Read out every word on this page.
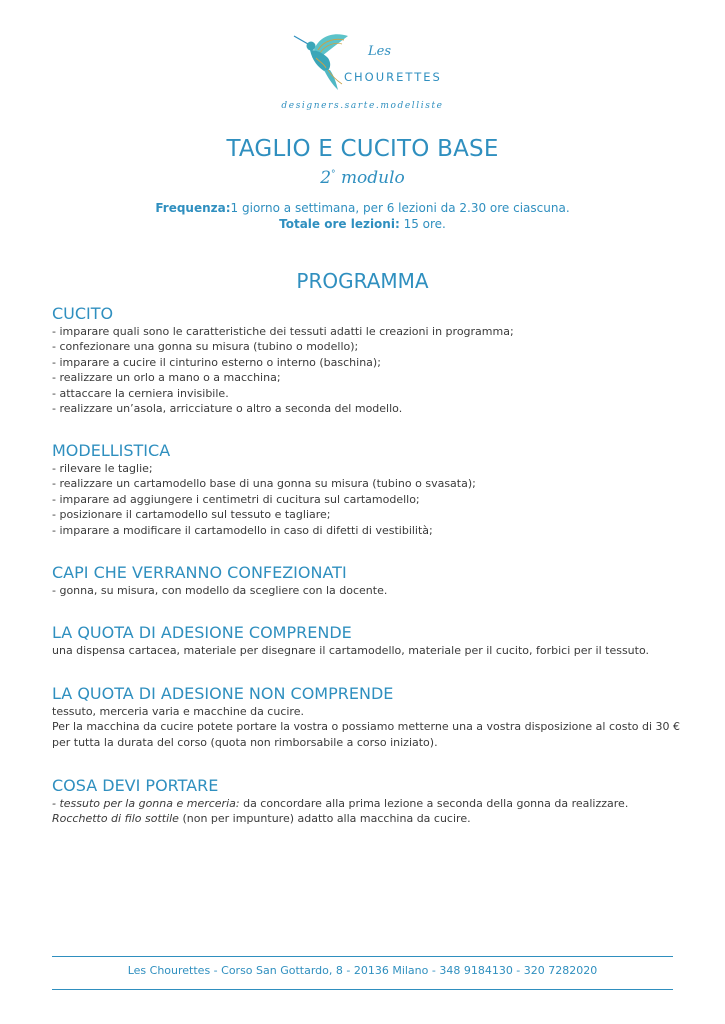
Les
CHOURETTES
designers.sarte.modelliste
TAGLIO E CUCITO BASE
2° modulo
Frequenza:1 giorno a settimana, per 6 lezioni da 2.30 ore ciascuna.
Totale ore lezioni: 15 ore.
PROGRAMMA
CUCITO
- imparare quali sono le caratteristiche dei tessuti adatti le creazioni in programma;
- confezionare una gonna su misura (tubino o modello);
- imparare a cucire il cinturino esterno o interno (baschina);
- realizzare un orlo a mano o a macchina;
- attaccare la cerniera invisibile.
- realizzare un’asola, arricciature o altro a seconda del modello.
MODELLISTICA
- rilevare le taglie;
- realizzare un cartamodello base di una gonna su misura (tubino o svasata);
- imparare ad aggiungere i centimetri di cucitura sul cartamodello;
- posizionare il cartamodello sul tessuto e tagliare;
- imparare a modificare il cartamodello in caso di difetti di vestibilità;
CAPI CHE VERRANNO CONFEZIONATI
- gonna, su misura, con modello da scegliere con la docente.
LA QUOTA DI ADESIONE COMPRENDE
una dispensa cartacea, materiale per disegnare il cartamodello, materiale per il cucito, forbici per il tessuto.
LA QUOTA DI ADESIONE NON COMPRENDE
tessuto, merceria varia e macchine da cucire.
Per la macchina da cucire potete portare la vostra o possiamo metterne una a vostra disposizione al costo di 30 €
per tutta la durata del corso (quota non rimborsabile a corso iniziato).
COSA DEVI PORTARE
- tessuto per la gonna e merceria: da concordare alla prima lezione a seconda della gonna da realizzare.
Rocchetto di filo sottile (non per impunture) adatto alla macchina da cucire.
Les Chourettes - Corso San Gottardo, 8 - 20136 Milano - 348 9184130 - 320 7282020
